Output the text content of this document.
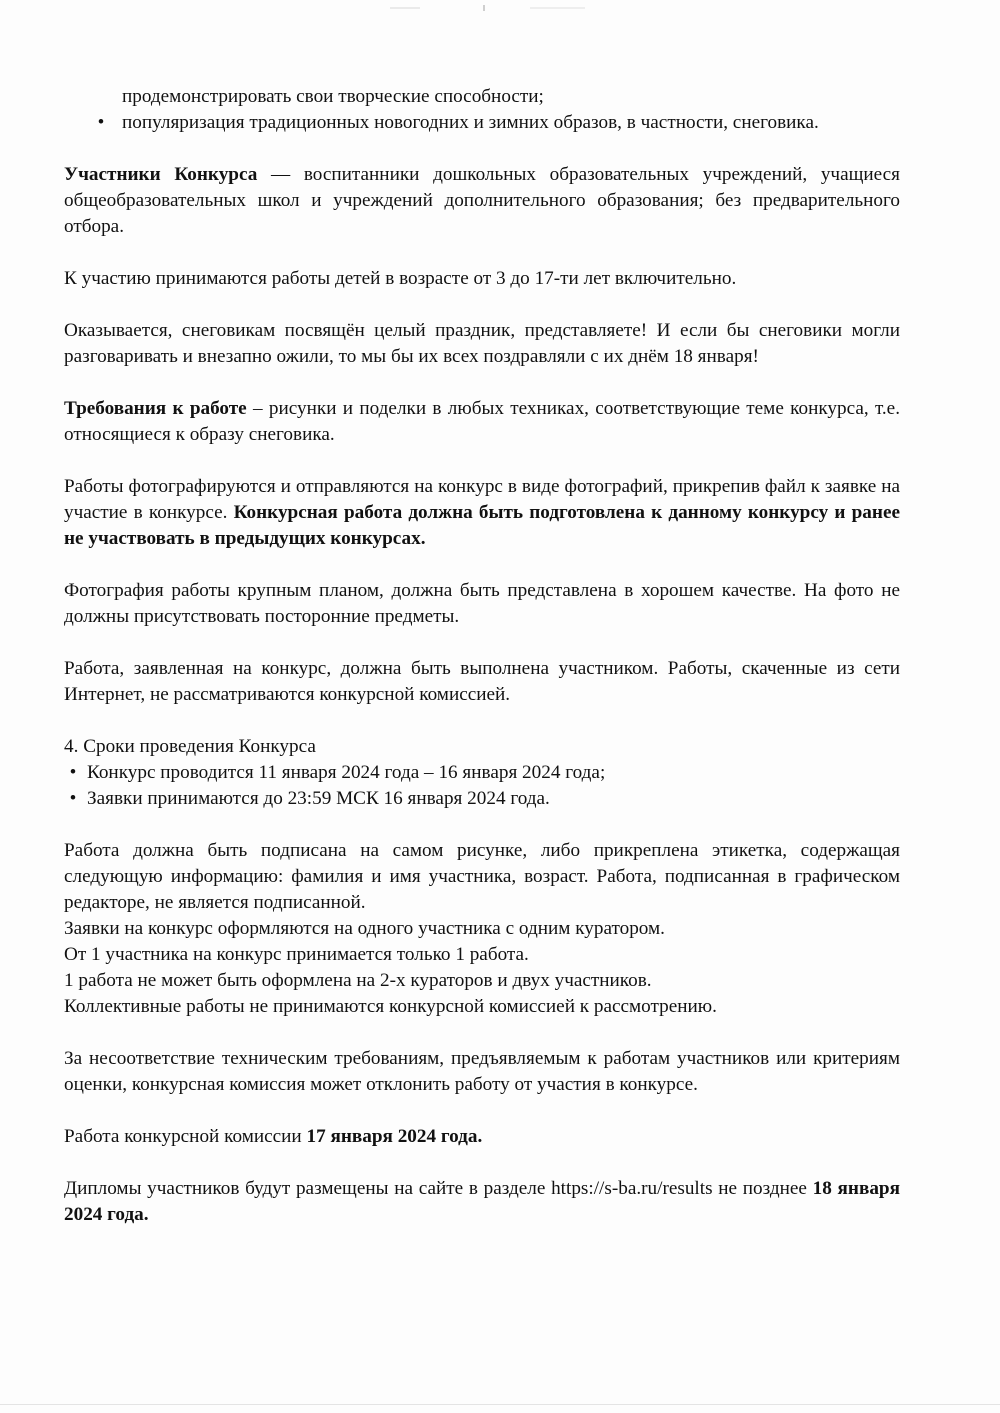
продемонстрировать свои творческие способности;

• популяризация традиционных новогодних и зимних образов, в частности, снеговика.

Участники Конкурса — воспитанники дошкольных образовательных учреждений, учащиеся общеобразовательных школ и учреждений дополнительного образования; без предварительного отбора.

К участию принимаются работы детей в возрасте от 3 до 17-ти лет включительно.

Оказывается, снеговикам посвящён целый праздник, представляете! И если бы снеговики могли разговаривать и внезапно ожили, то мы бы их всех поздравляли с их днём 18 января!

Требования к работе – рисунки и поделки в любых техниках, соответствующие теме конкурса, т.е. относящиеся к образу снеговика.

Работы фотографируются и отправляются на конкурс в виде фотографий, прикрепив файл к заявке на участие в конкурсе. Конкурсная работа должна быть подготовлена к данному конкурсу и ранее не участвовать в предыдущих конкурсах.

Фотография работы крупным планом, должна быть представлена в хорошем качестве. На фото не должны присутствовать посторонние предметы.

Работа, заявленная на конкурс, должна быть выполнена участником. Работы, скаченные из сети Интернет, не рассматриваются конкурсной комиссией.

4. Сроки проведения Конкурса

• Конкурс проводится 11 января 2024 года – 16 января 2024 года;
• Заявки принимаются до 23:59 МСК 16 января 2024 года.

Работа должна быть подписана на самом рисунке, либо прикреплена этикетка, содержащая следующую информацию: фамилия и имя участника, возраст. Работа, подписанная в графическом редакторе, не является подписанной.

Заявки на конкурс оформляются на одного участника с одним куратором.

От 1 участника на конкурс принимается только 1 работа.

1 работа не может быть оформлена на 2-х кураторов и двух участников.

Коллективные работы не принимаются конкурсной комиссией к рассмотрению.

За несоответствие техническим требованиям, предъявляемым к работам участников или критериям оценки, конкурсная комиссия может отклонить работу от участия в конкурсе.

Работа конкурсной комиссии 17 января 2024 года.

Дипломы участников будут размещены на сайте в разделе https://s-ba.ru/results не позднее 18 января 2024 года.
